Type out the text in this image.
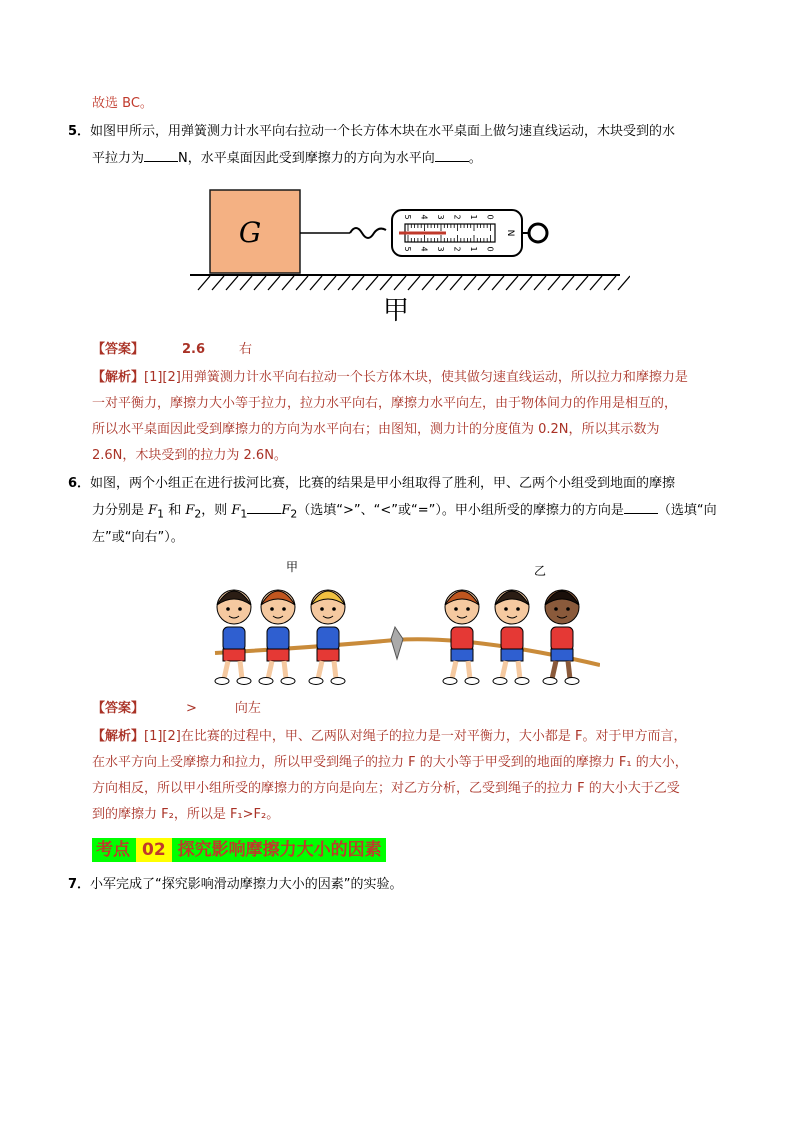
故选 BC。
5．如图甲所示，用弹簧测力计水平向右拉动一个长方体木块在水平桌面上做匀速直线运动，木块受到的水
平拉力为	N，水平桌面因此受到摩擦力的方向为水平向	。
G	0
0
1
1
2
2
3
3
4
4
5
5
N
甲
【答案】	2.6	右
【解析】[1][2]用弹簧测力计水平向右拉动一个长方体木块，使其做匀速直线运动，所以拉力和摩擦力是
一对平衡力，摩擦力大小等于拉力，拉力水平向右，摩擦力水平向左，由于物体间力的作用是相互的，
所以水平桌面因此受到摩擦力的方向为水平向右；由图知，测力计的分度值为 0.2N，所以其示数为
2.6N，木块受到的拉力为 2.6N。
6．如图，两个小组正在进行拔河比赛，比赛的结果是甲小组取得了胜利，甲、乙两个小组受到地面的摩擦
力分别是 $F_1$ 和 $F_2$，则 $F_1$	$F_2$（选填“>”、“<”或“=”）。甲小组所受的摩擦力的方向是	（选填“向
左”或“向右”）。
甲	乙
【答案】	>	向左
【解析】[1][2]在比赛的过程中，甲、乙两队对绳子的拉力是一对平衡力，大小都是 F。对于甲方而言，
在水平方向上受摩擦力和拉力，所以甲受到绳子的拉力 F 的大小等于甲受到的地面的摩擦力 F₁ 的大小，
方向相反，所以甲小组所受的摩擦力的方向是向左；对乙方分析，乙受到绳子的拉力 F 的大小大于乙受
到的摩擦力 F₂，所以是 F₁>F₂。
考点 02 探究影响摩擦力大小的因素
7．小军完成了“探究影响滑动摩擦力大小的因素”的实验。
